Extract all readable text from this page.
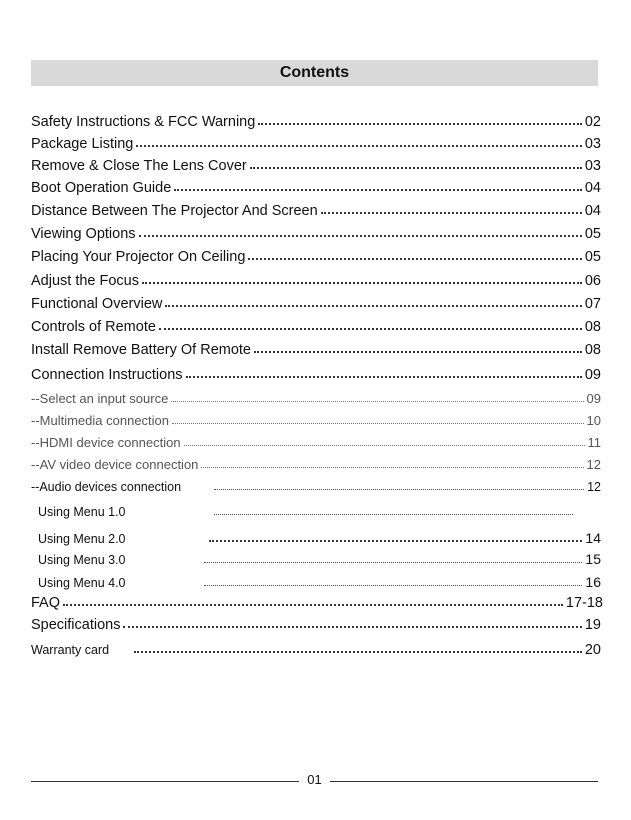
Contents
Safety Instructions & FCC Warning	02
Package Listing	03
Remove & Close The Lens Cover	03
Boot Operation Guide	04
Distance Between The Projector And Screen	04
Viewing Options	05
Placing Your Projector On Ceiling	05
Adjust the Focus	06
Functional Overview	07
Controls of Remote	08
Install Remove Battery Of Remote	08
Connection Instructions	09
--Select an input source	09
--Multimedia connection	10
--HDMI device connection	11
--AV video device connection	12
--Audio devices connection	12
Using Menu 1.0
Using Menu 2.0	14
Using Menu 3.0	15
Using Menu 4.0	16
FAQ	17-18
Specifications	19
Warranty card	20
01
